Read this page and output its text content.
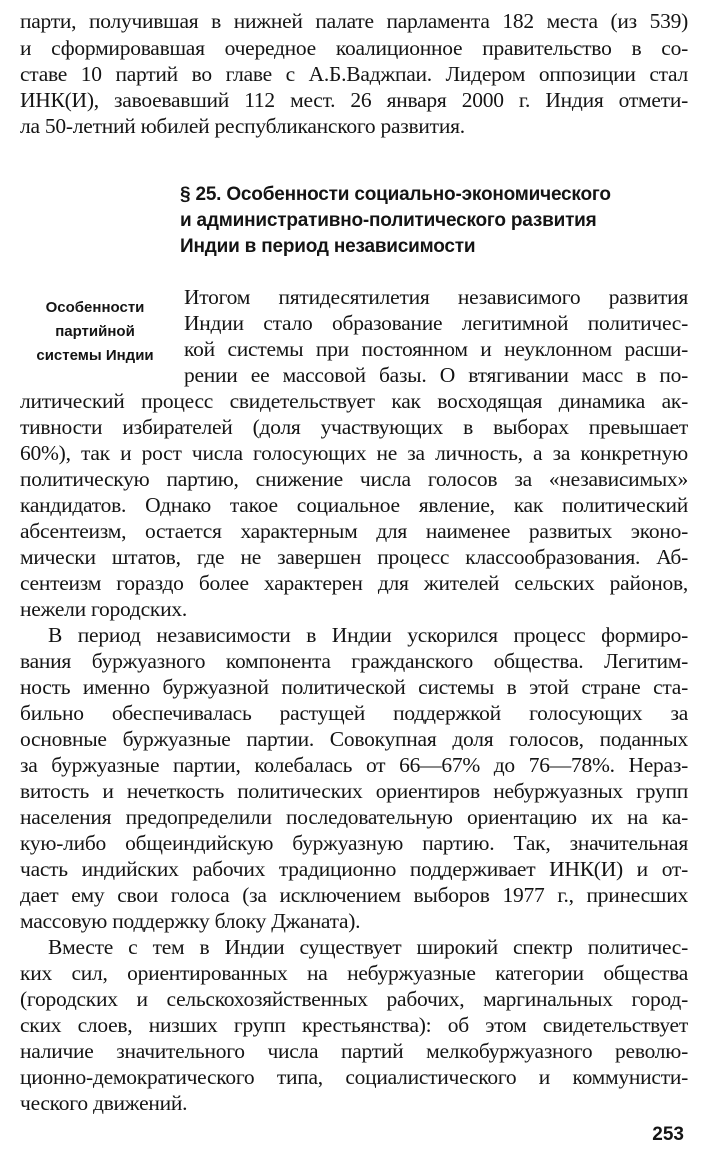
парти, получившая в нижней палате парламента 182 места (из 539)
и сформировавшая очередное коалиционное правительство в со-
ставе 10 партий во главе с А.Б.Ваджпаи. Лидером оппозиции стал
ИНК(И), завоевавший 112 мест. 26 января 2000 г. Индия отмети-
ла 50-летний юбилей республиканского развития.
§ 25. Особенности социально-экономического
и административно-политического развития
Индии в период независимости
Особенности
партийной
системы Индии
Итогом пятидесятилетия независимого развития
Индии стало образование легитимной политичес-
кой системы при постоянном и неуклонном расши-
рении ее массовой базы. О втягивании масс в по-
литический процесс свидетельствует как восходящая динамика ак-
тивности избирателей (доля участвующих в выборах превышает
60%), так и рост числа голосующих не за личность, а за конкретную
политическую партию, снижение числа голосов за «независимых»
кандидатов. Однако такое социальное явление, как политический
абсентеизм, остается характерным для наименее развитых эконо-
мически штатов, где не завершен процесс классообразования. Аб-
сентеизм гораздо более характерен для жителей сельских районов,
нежели городских.
В период независимости в Индии ускорился процесс формиро-
вания буржуазного компонента гражданского общества. Легитим-
ность именно буржуазной политической системы в этой стране ста-
бильно обеспечивалась растущей поддержкой голосующих за
основные буржуазные партии. Совокупная доля голосов, поданных
за буржуазные партии, колебалась от 66—67% до 76—78%. Нераз-
витость и нечеткость политических ориентиров небуржуазных групп
населения предопределили последовательную ориентацию их на ка-
кую-либо общеиндийскую буржуазную партию. Так, значительная
часть индийских рабочих традиционно поддерживает ИНК(И) и от-
дает ему свои голоса (за исключением выборов 1977 г., принесших
массовую поддержку блоку Джаната).
Вместе с тем в Индии существует широкий спектр политичес-
ких сил, ориентированных на небуржуазные категории общества
(городских и сельскохозяйственных рабочих, маргинальных город-
ских слоев, низших групп крестьянства): об этом свидетельствует
наличие значительного числа партий мелкобуржуазного револю-
ционно-демократического типа, социалистического и коммунисти-
ческого движений.
253
